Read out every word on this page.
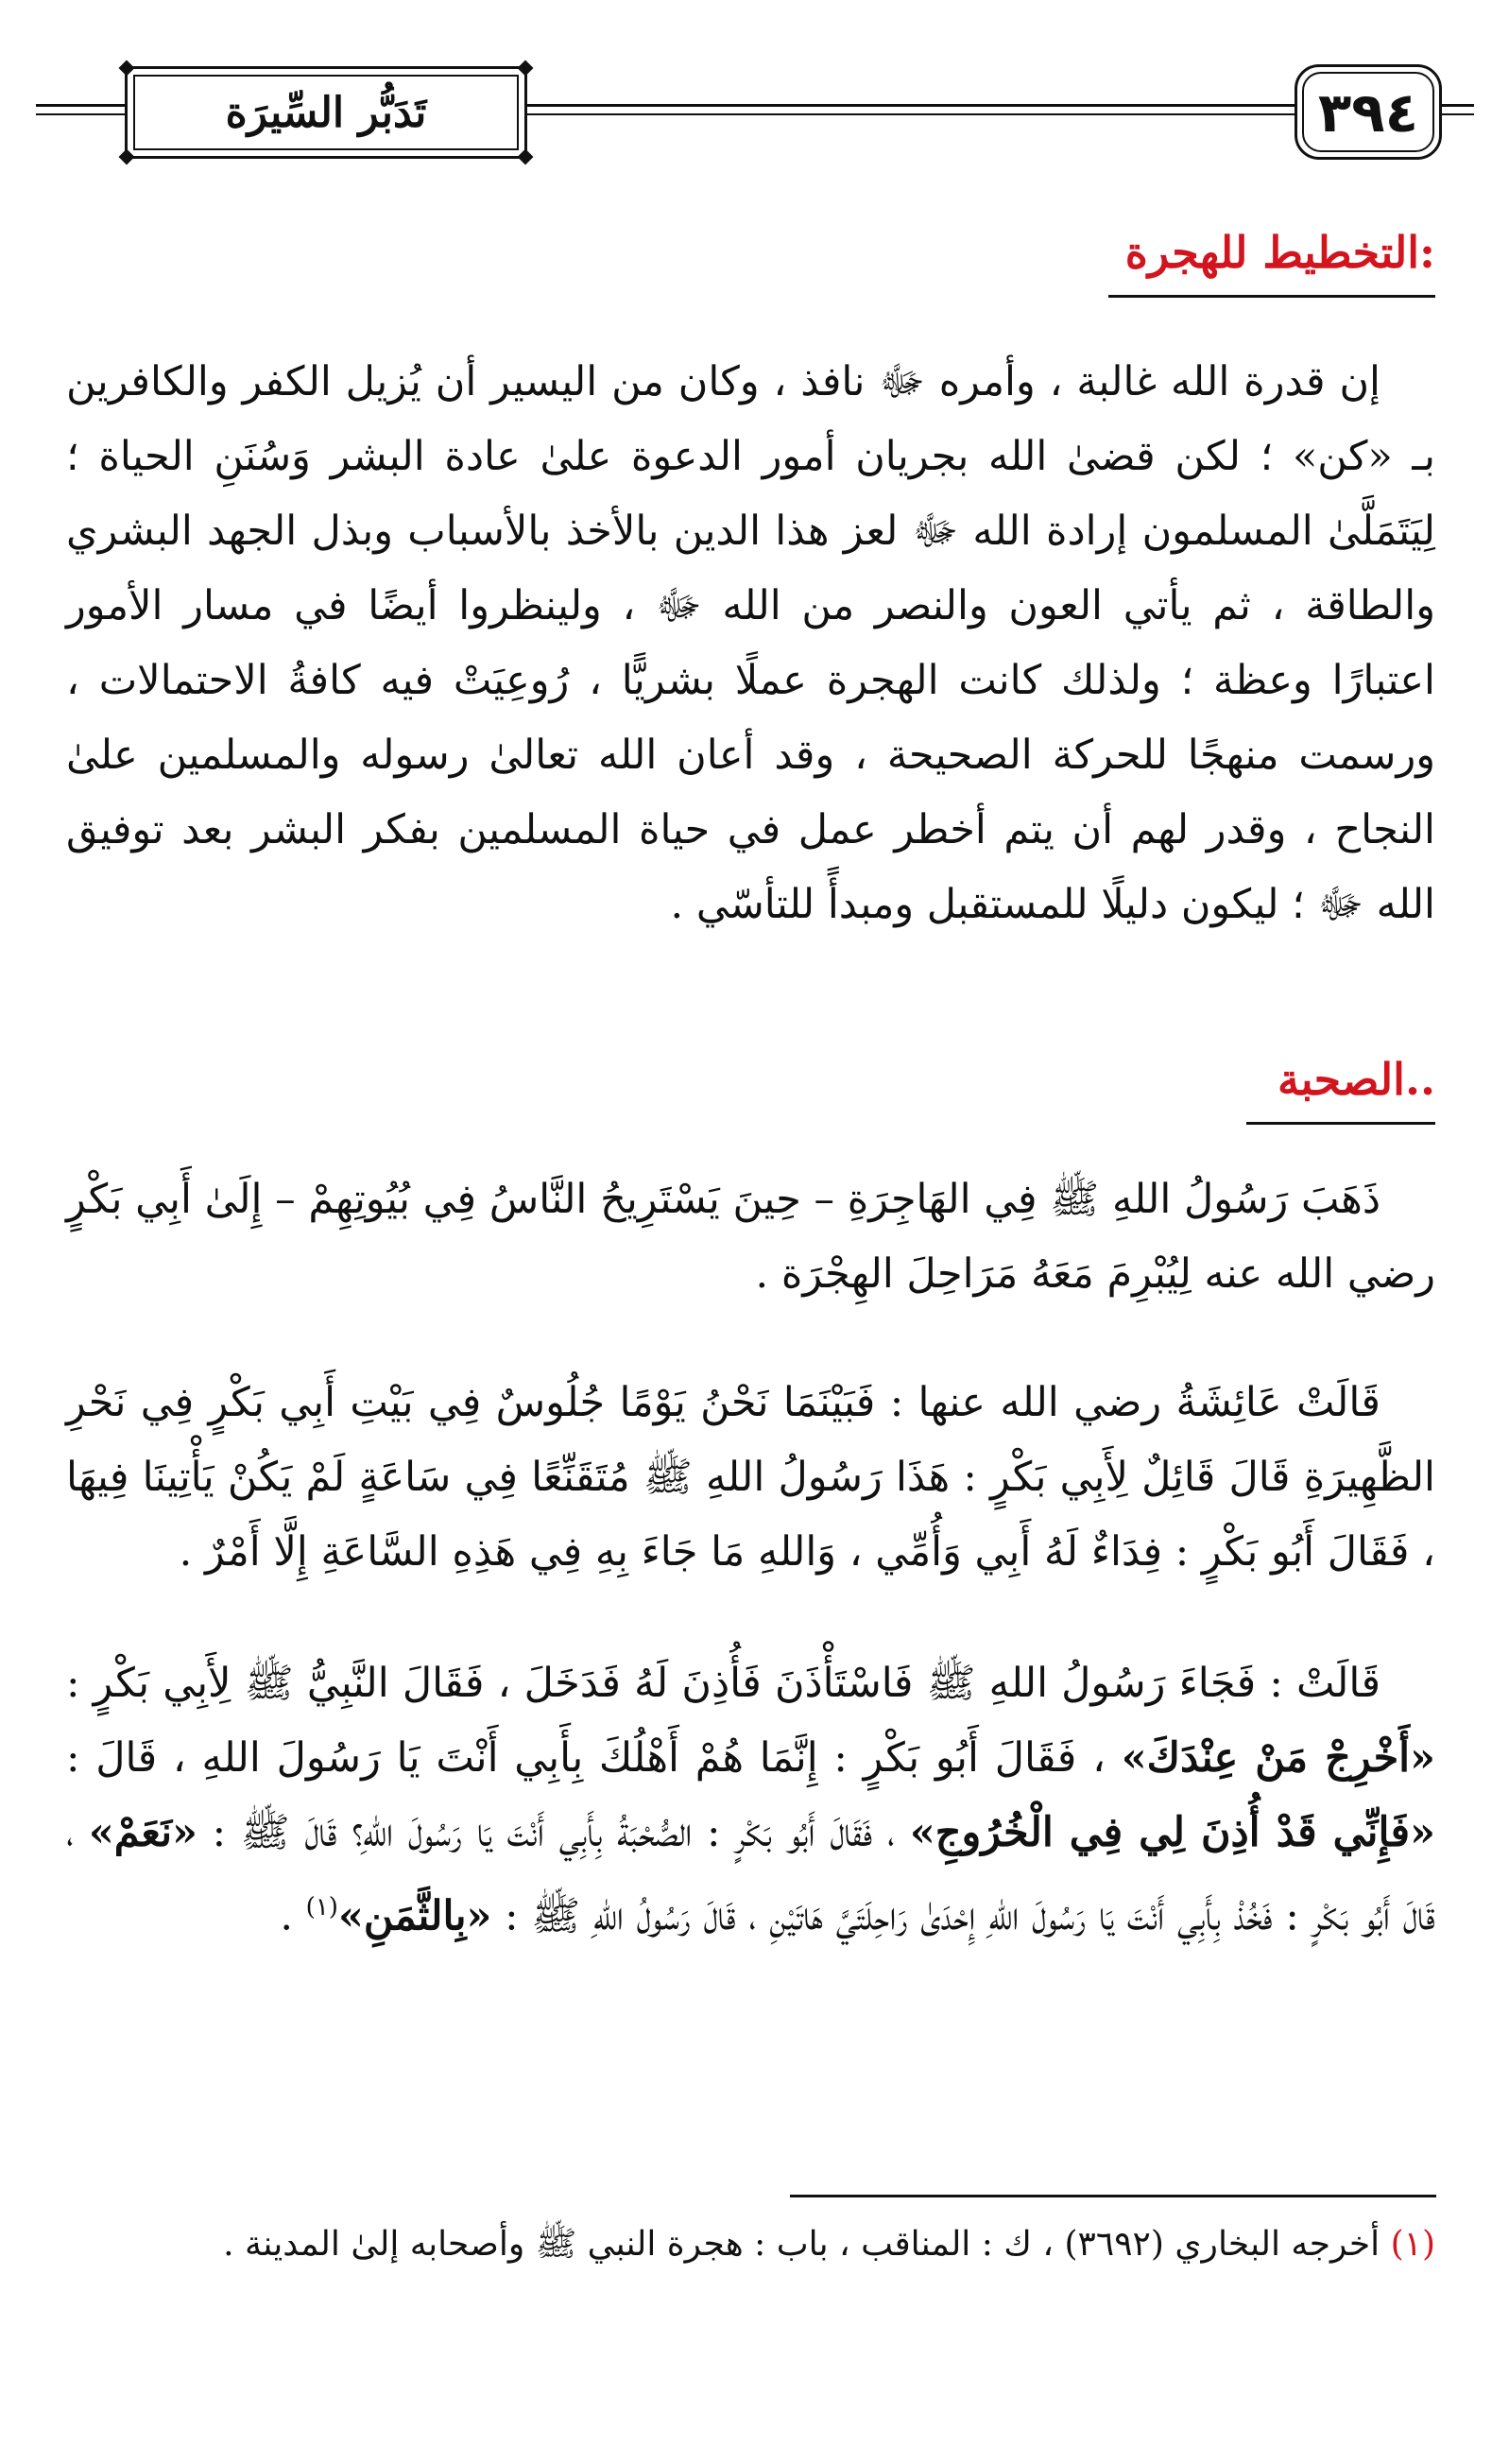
تَدَبُّر السِّيرَة	٣٩٤
التخطيط للهجرة:

إن قدرة الله غالبة ، وأمره ﷻ نافذ ، وكان من اليسير أن يُزيل الكفر والكافرين بـ «كن» ؛ لكن قضىٰ الله بجريان أمور الدعوة علىٰ عادة البشر وَسُنَنِ الحياة ؛ لِيَتَمَلَّىٰ المسلمون إرادة الله ﷻ لعز هذا الدين بالأخذ بالأسباب وبذل الجهد البشري والطاقة ، ثم يأتي العون والنصر من الله ﷻ ، ولينظروا أيضًا في مسار الأمور اعتبارًا وعظة ؛ ولذلك كانت الهجرة عملًا بشريًّا ، رُوعِيَتْ فيه كافةُ الاحتمالات ، ورسمت منهجًا للحركة الصحيحة ، وقد أعان الله تعالىٰ رسوله والمسلمين علىٰ النجاح ، وقدر لهم أن يتم أخطر عمل في حياة المسلمين بفكر البشر بعد توفيق الله ﷻ ؛ ليكون دليلًا للمستقبل ومبدأً للتأسّي .

الصحبة..

ذَهَبَ رَسُولُ اللهِ ﷺ فِي الهَاجِرَةِ – حِينَ يَسْتَرِيحُ النَّاسُ فِي بُيُوتِهِمْ – إِلَىٰ أَبِي بَكْرٍ رضي الله عنه لِيُبْرِمَ مَعَهُ مَرَاحِلَ الهِجْرَة .

قَالَتْ عَائِشَةُ رضي الله عنها : فَبَيْنَمَا نَحْنُ يَوْمًا جُلُوسٌ فِي بَيْتِ أَبِي بَكْرٍ فِي نَحْرِ الظَّهِيرَةِ قَالَ قَائِلٌ لِأَبِي بَكْرٍ : هَذَا رَسُولُ اللهِ ﷺ مُتَقَنِّعًا فِي سَاعَةٍ لَمْ يَكُنْ يَأْتِينَا فِيهَا ، فَقَالَ أَبُو بَكْرٍ : فِدَاءٌ لَهُ أَبِي وَأُمِّي ، وَاللهِ مَا جَاءَ بِهِ فِي هَذِهِ السَّاعَةِ إِلَّا أَمْرٌ .

قَالَتْ : فَجَاءَ رَسُولُ اللهِ ﷺ فَاسْتَأْذَنَ فَأُذِنَ لَهُ فَدَخَلَ ، فَقَالَ النَّبِيُّ ﷺ لِأَبِي بَكْرٍ : «أَخْرِجْ مَنْ عِنْدَكَ» ، فَقَالَ أَبُو بَكْرٍ : إِنَّمَا هُمْ أَهْلُكَ بِأَبِي أَنْتَ يَا رَسُولَ اللهِ ، قَالَ : «فَإِنِّي قَدْ أُذِنَ لِي فِي الْخُرُوجِ» ، فَقَالَ أَبُو بَكْرٍ : الصُّحْبَةُ بِأَبِي أَنْتَ يَا رَسُولَ اللهِ؟ قَالَ ﷺ : «نَعَمْ» ، قَالَ أَبُو بَكْرٍ : فَخُذْ بِأَبِي أَنْتَ يَا رَسُولَ اللهِ إِحْدَىٰ رَاحِلَتَيَّ هَاتَيْنِ ، قَالَ رَسُولُ اللهِ ﷺ : «بِالثَّمَنِ»$^{(١)}$ .

(١) أخرجه البخاري (٣٦٩٢) ، ك : المناقب ، باب : هجرة النبي ﷺ وأصحابه إلىٰ المدينة .
